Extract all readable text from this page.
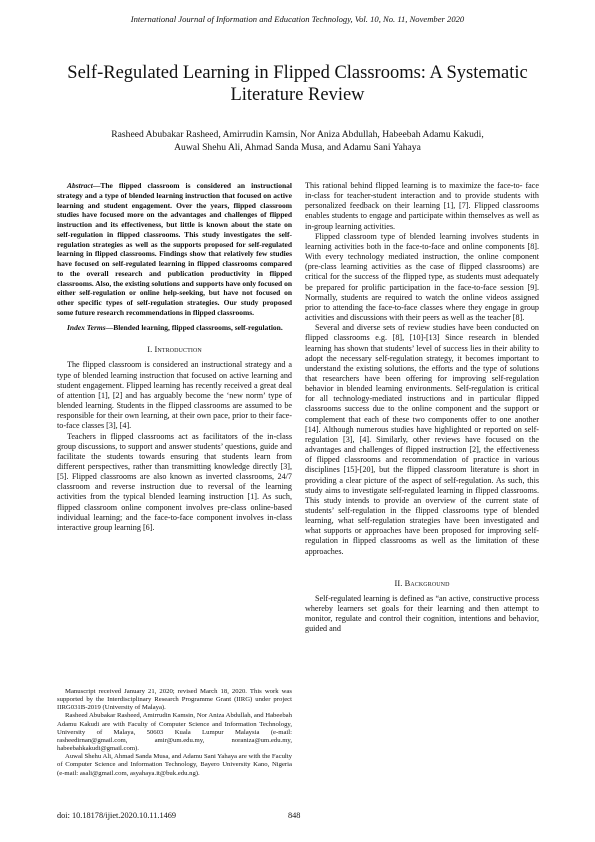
International Journal of Information and Education Technology, Vol. 10, No. 11, November 2020
Self-Regulated Learning in Flipped Classrooms: A Systematic Literature Review
Rasheed Abubakar Rasheed, Amirrudin Kamsin, Nor Aniza Abdullah, Habeebah Adamu Kakudi,
Auwal Shehu Ali, Ahmad Sanda Musa, and Adamu Sani Yahaya

Abstract—The flipped classroom is considered an instructional strategy and a type of blended learning instruction that focused on active learning and student engagement. Over the years, flipped classroom studies have focused more on the advantages and challenges of flipped instruction and its effectiveness, but little is known about the state on self-regulation in flipped classrooms. This study investigates the self-regulation strategies as well as the supports proposed for self-regulated learning in flipped classrooms. Findings show that relatively few studies have focused on self-regulated learning in flipped classrooms compared to the overall research and publication productivity in flipped classrooms. Also, the existing solutions and supports have only focused on either self-regulation or online help-seeking, but have not focused on other specific types of self-regulation strategies. Our study proposed some future research recommendations in flipped classrooms.

Index Terms—Blended learning, flipped classrooms, self-regulation.

I. Introduction

The flipped classroom is considered an instructional strategy and a type of blended learning instruction that focused on active learning and student engagement. Flipped learning has recently received a great deal of attention [1], [2] and has arguably become the ‘new norm’ type of blended learning. Students in the flipped classrooms are assumed to be responsible for their own learning, at their own pace, prior to their face-to-face classes [3], [4].

Teachers in flipped classrooms act as facilitators of the in-class group discussions, to support and answer students’ questions, guide and facilitate the students towards ensuring that students learn from different perspectives, rather than transmitting knowledge directly [3], [5]. Flipped classrooms are also known as inverted classrooms, 24/7 classroom and reverse instruction due to reversal of the learning activities from the typical blended learning instruction [1]. As such, flipped classroom online component involves pre-class online-based individual learning; and the face-to-face component involves in-class interactive group learning [6].

Manuscript received January 21, 2020; revised March 18, 2020. This work was supported by the Interdisciplinary Research Programme Grant (IIRG) under project IIRG031B-2019 (University of Malaya).

Rasheed Abubakar Rasheed, Amirrudin Kamsin, Nor Aniza Abdullah, and Habeebah Adamu Kakudi are with Faculty of Computer Science and Information Technology, University of Malaya, 50603 Kuala Lumpur Malaysia (e-mail: rasheedirnan@gmail.com, amir@um.edu.my, noraniza@um.edu.my, habeebahkakudi@gmail.com).

Auwal Shehu Ali, Ahmad Sanda Musa, and Adamu Sani Yahaya are with the Faculty of Computer Science and Information Technology, Bayero University Kano, Nigeria (e-mail: asali@gmail.com, asyahaya.it@buk.edu.ng).

This rational behind flipped learning is to maximize the face-to- face in-class for teacher-student interaction and to provide students with personalized feedback on their learning [1], [7]. Flipped classrooms enables students to engage and participate within themselves as well as in-group learning activities.

Flipped classroom type of blended learning involves students in learning activities both in the face-to-face and online components [8]. With every technology mediated instruction, the online component (pre-class learning activities as the case of flipped classrooms) are critical for the success of the flipped type, as students must adequately be prepared for prolific participation in the face-to-face session [9]. Normally, students are required to watch the online videos assigned prior to attending the face-to-face classes where they engage in group activities and discussions with their peers as well as the teacher [8].

Several and diverse sets of review studies have been conducted on flipped classrooms e.g. [8], [10]-[13] Since research in blended learning has shown that students’ level of success lies in their ability to adopt the necessary self-regulation strategy, it becomes important to understand the existing solutions, the efforts and the type of solutions that researchers have been offering for improving self-regulation behavior in blended learning environments. Self-regulation is critical for all technology-mediated instructions and in particular flipped classrooms success due to the online component and the support or complement that each of these two components offer to one another [14]. Although numerous studies have highlighted or reported on self-regulation [3], [4]. Similarly, other reviews have focused on the advantages and challenges of flipped instruction [2], the effectiveness of flipped classrooms and recommendation of practice in various disciplines [15]-[20], but the flipped classroom literature is short in providing a clear picture of the aspect of self-regulation. As such, this study aims to investigate self-regulated learning in flipped classrooms. This study intends to provide an overview of the current state of students’ self-regulation in the flipped classrooms type of blended learning, what self-regulation strategies have been investigated and what supports or approaches have been proposed for improving self-regulation in flipped classrooms as well as the limitation of these approaches.

II. Background

Self-regulated learning is defined as “an active, constructive process whereby learners set goals for their learning and then attempt to monitor, regulate and control their cognition, intentions and behavior, guided and

doi: 10.18178/ijiet.2020.10.11.1469	848
